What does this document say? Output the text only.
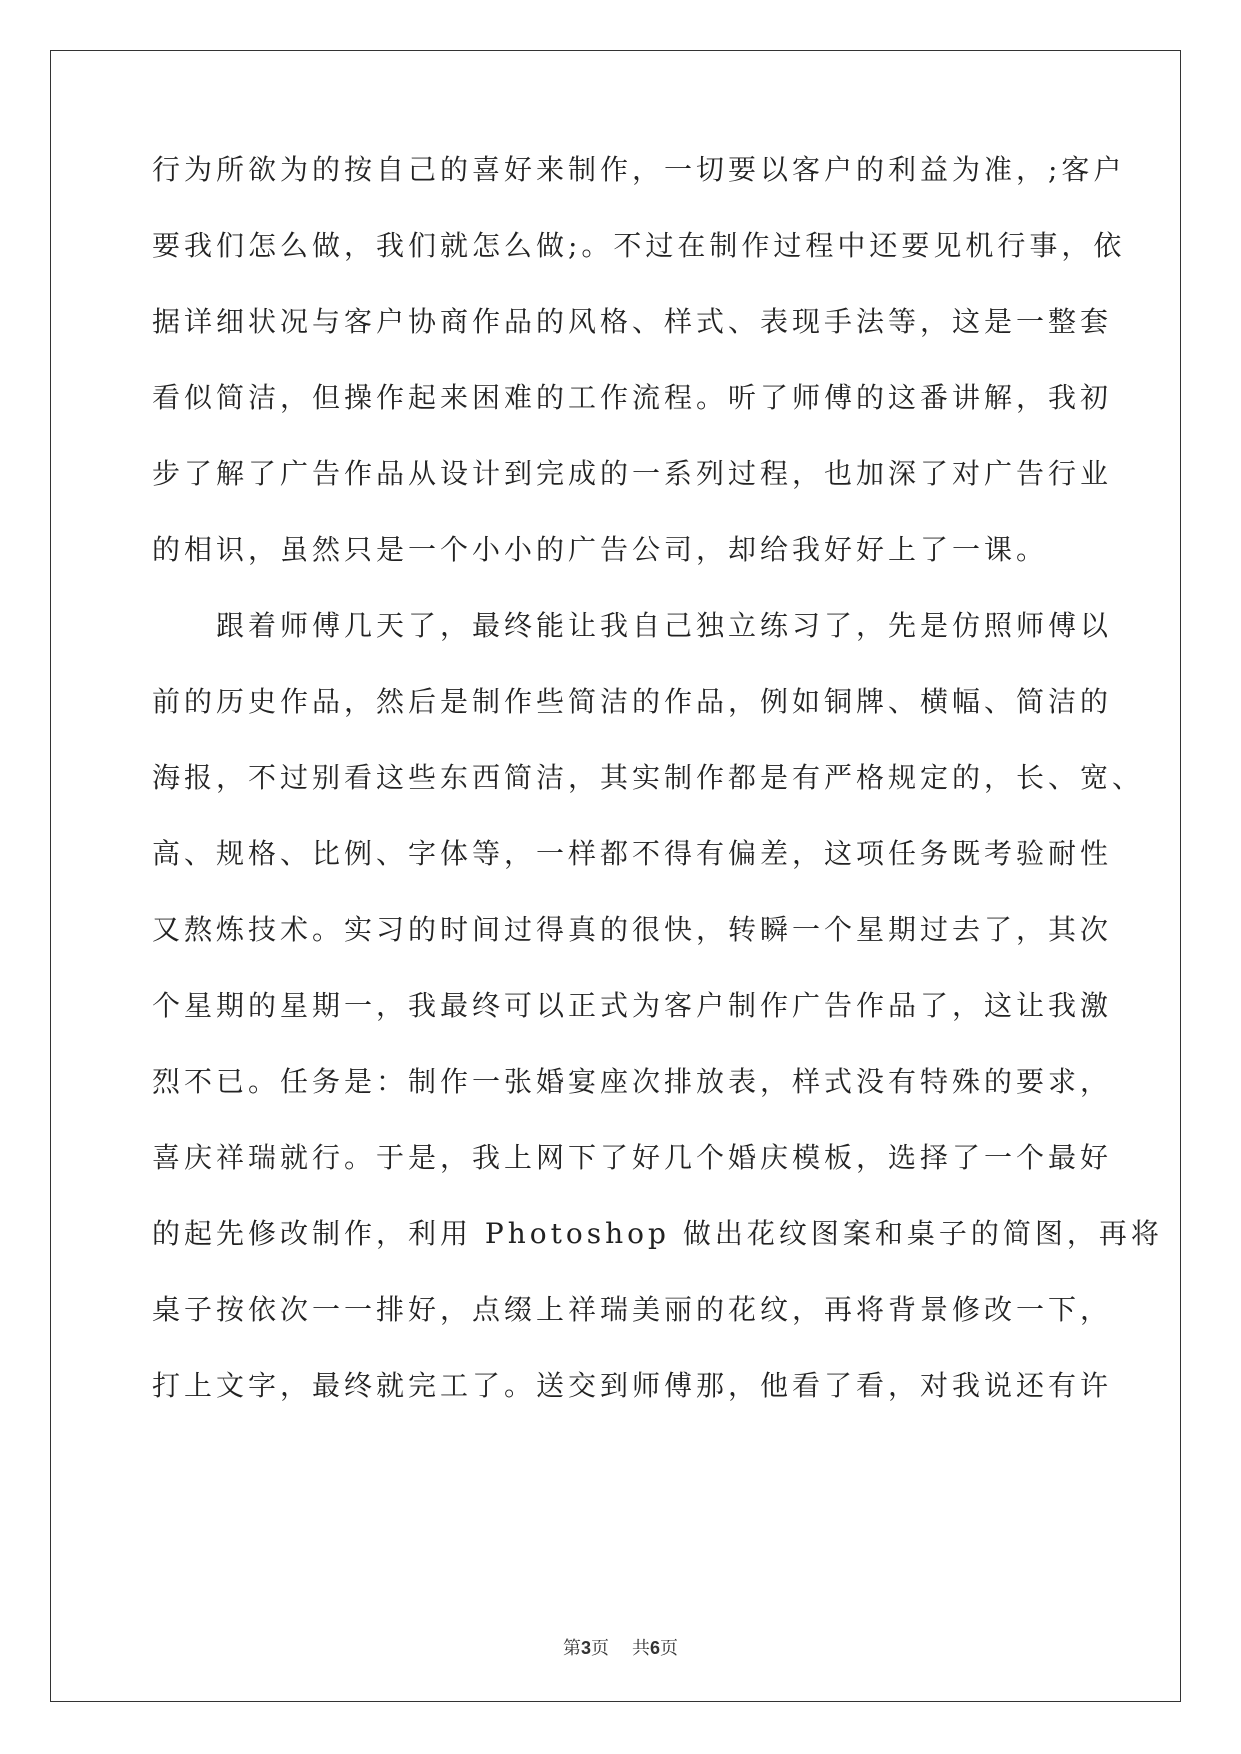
行为所欲为的按自己的喜好来制作，一切要以客户的利益为准，;客户
要我们怎么做，我们就怎么做;。不过在制作过程中还要见机行事，依
据详细状况与客户协商作品的风格、样式、表现手法等，这是一整套
看似简洁，但操作起来困难的工作流程。听了师傅的这番讲解，我初
步了解了广告作品从设计到完成的一系列过程，也加深了对广告行业
的相识，虽然只是一个小小的广告公司，却给我好好上了一课。
跟着师傅几天了，最终能让我自己独立练习了，先是仿照师傅以
前的历史作品，然后是制作些简洁的作品，例如铜牌、横幅、简洁的
海报，不过别看这些东西简洁，其实制作都是有严格规定的，长、宽、
高、规格、比例、字体等，一样都不得有偏差，这项任务既考验耐性
又熬炼技术。实习的时间过得真的很快，转瞬一个星期过去了，其次
个星期的星期一，我最终可以正式为客户制作广告作品了，这让我激
烈不已。任务是：制作一张婚宴座次排放表，样式没有特殊的要求，
喜庆祥瑞就行。于是，我上网下了好几个婚庆模板，选择了一个最好
的起先修改制作，利用 Photoshop 做出花纹图案和桌子的简图，再将
桌子按依次一一排好，点缀上祥瑞美丽的花纹，再将背景修改一下，
打上文字，最终就完工了。送交到师傅那，他看了看，对我说还有许
第3页 共6页
